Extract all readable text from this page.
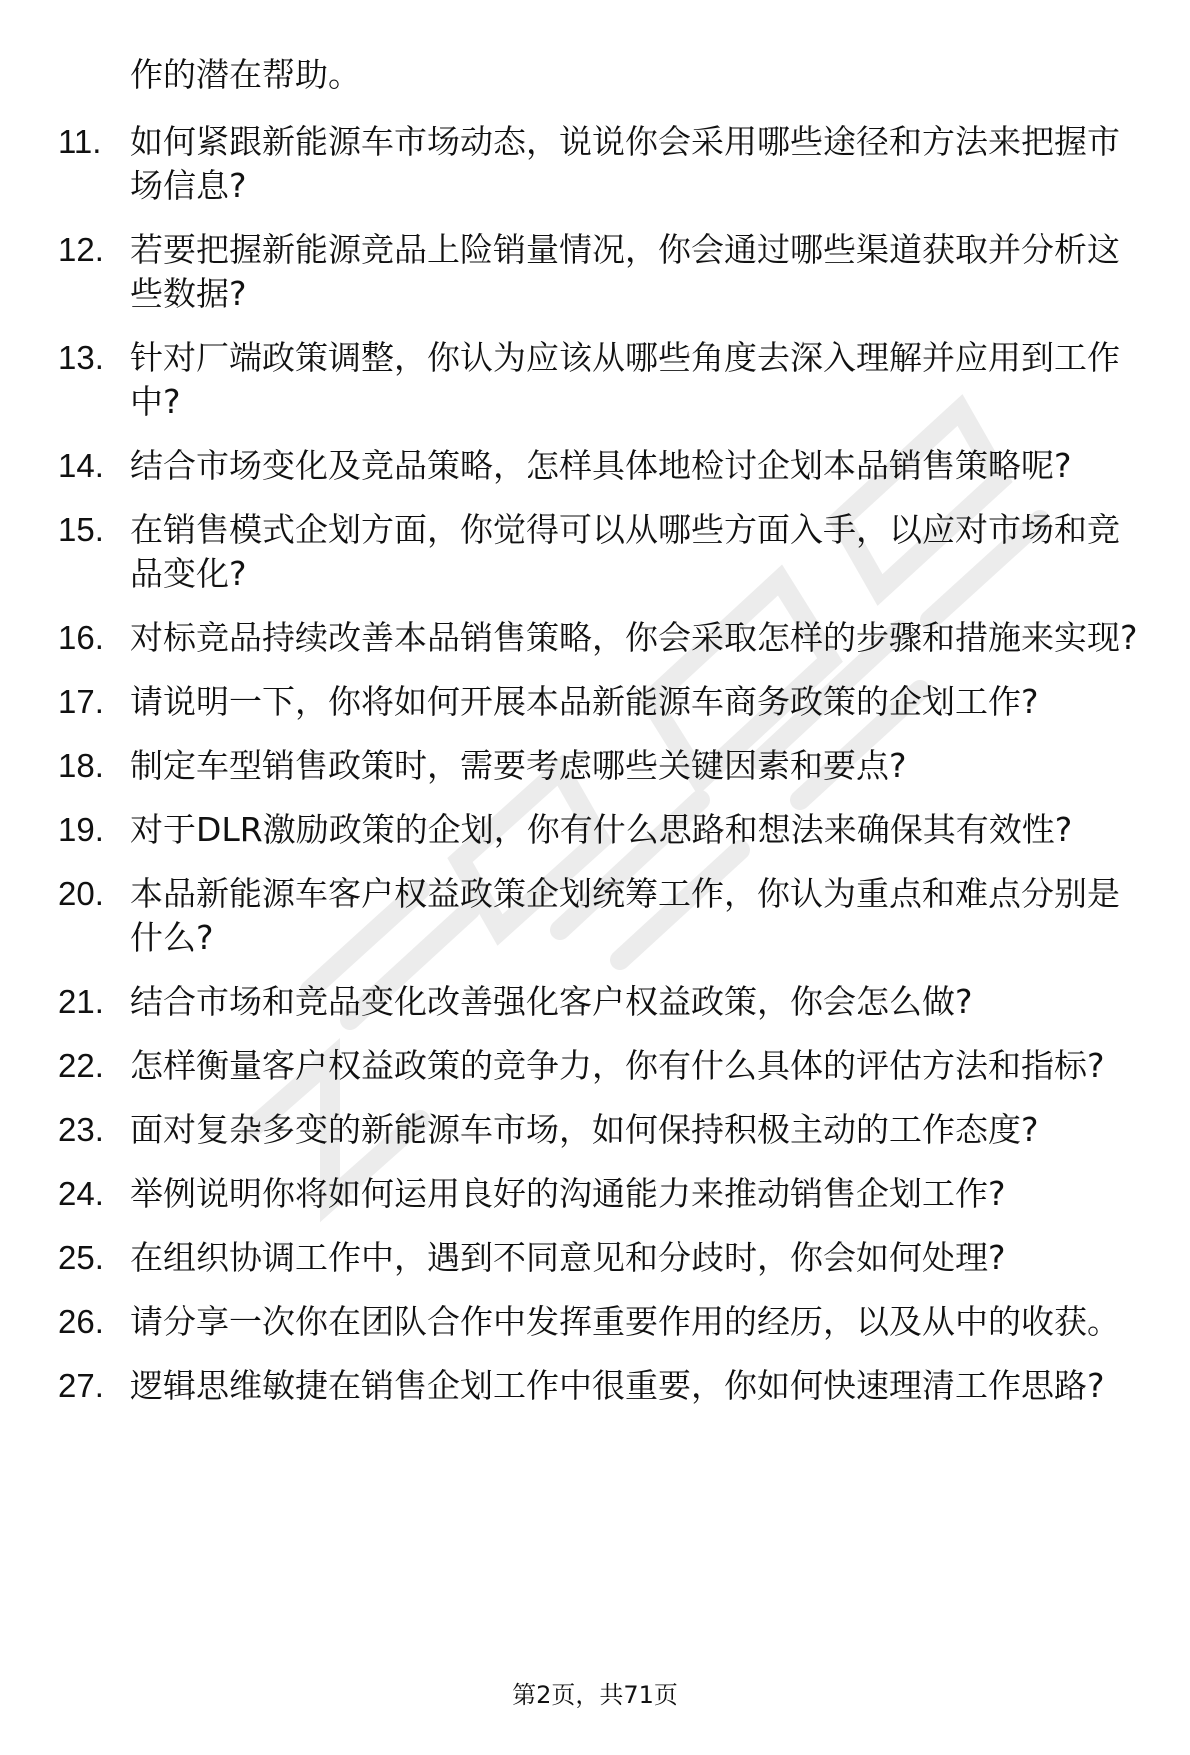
作的潜在帮助。

11. 如何紧跟新能源车市场动态，说说你会采用哪些途径和方法来把握市场信息?
12. 若要把握新能源竞品上险销量情况，你会通过哪些渠道获取并分析这些数据?
13. 针对厂端政策调整，你认为应该从哪些角度去深入理解并应用到工作中?
14. 结合市场变化及竞品策略，怎样具体地检讨企划本品销售策略呢?
15. 在销售模式企划方面，你觉得可以从哪些方面入手，以应对市场和竞品变化?
16. 对标竞品持续改善本品销售策略，你会采取怎样的步骤和措施来实现?
17. 请说明一下，你将如何开展本品新能源车商务政策的企划工作?
18. 制定车型销售政策时，需要考虑哪些关键因素和要点?
19. 对于DLR激励政策的企划，你有什么思路和想法来确保其有效性?
20. 本品新能源车客户权益政策企划统筹工作，你认为重点和难点分别是什么?
21. 结合市场和竞品变化改善强化客户权益政策，你会怎么做?
22. 怎样衡量客户权益政策的竞争力，你有什么具体的评估方法和指标?
23. 面对复杂多变的新能源车市场，如何保持积极主动的工作态度?
24. 举例说明你将如何运用良好的沟通能力来推动销售企划工作?
25. 在组织协调工作中，遇到不同意见和分歧时，你会如何处理?
26. 请分享一次你在团队合作中发挥重要作用的经历，以及从中的收获。
27. 逻辑思维敏捷在销售企划工作中很重要，你如何快速理清工作思路?

第2页，共71页
